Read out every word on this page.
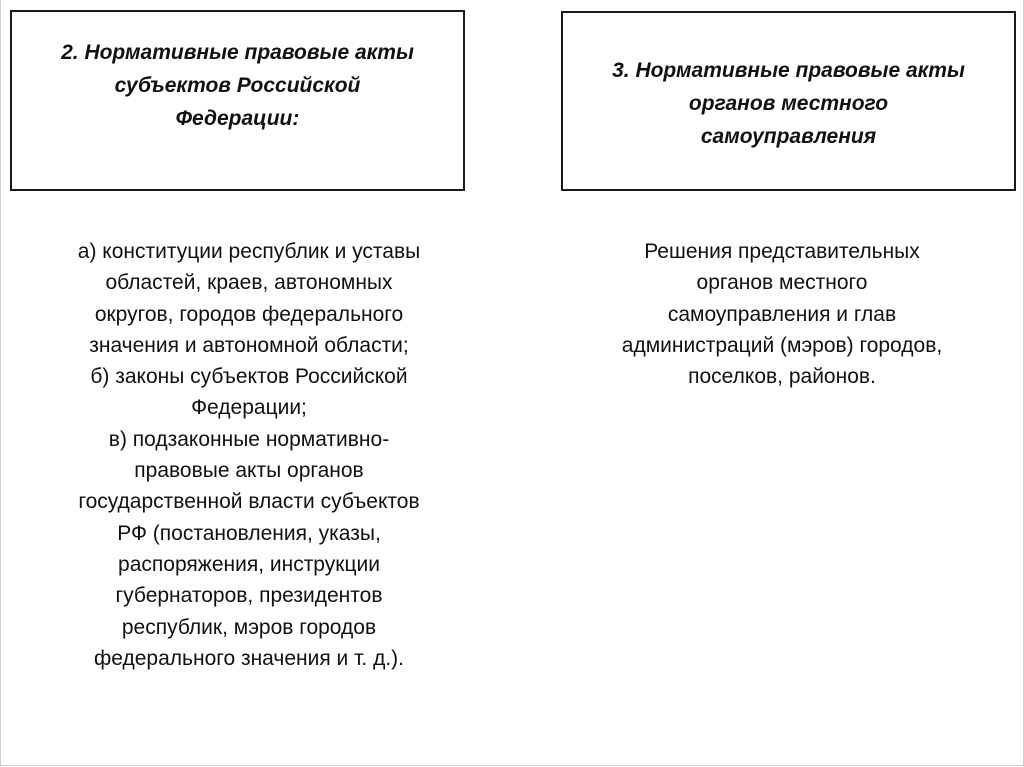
2. Нормативные правовые акты
субъектов Российской
Федерации:
3. Нормативные правовые акты
органов местного
самоуправления
а) конституции республик и уставы
областей, краев, автономных
округов, городов федерального
значения и автономной области;
б) законы субъектов Российской
Федерации;
в) подзаконные нормативно-
правовые акты органов
государственной власти субъектов
РФ (постановления, указы,
распоряжения, инструкции
губернаторов, президентов
республик, мэров городов
федерального значения и т. д.).
Решения представительных
органов местного
самоуправления и глав
администраций (мэров) городов,
поселков, районов.
